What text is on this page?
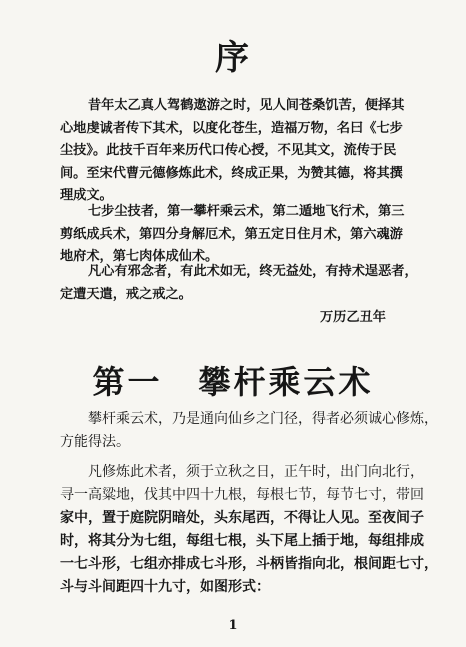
序

昔年太乙真人驾鹤遨游之时，见人间苍桑饥苦，便择其
心地虔诚者传下其术，以度化苍生，造福万物，名曰《七步
尘技》。此技千百年来历代口传心授，不见其文，流传于民
间。至宋代曹元德修炼此术，终成正果，为赞其德，将其撰
理成文。

七步尘技者，第一攀杆乘云术，第二遁地飞行术，第三
剪纸成兵术，第四分身解厄术，第五定日住月术，第六魂游
地府术，第七肉体成仙术。

凡心有邪念者，有此术如无，终无益处，有持术逞恶者，
定遭天遣，戒之戒之。

万历乙丑年
第一 攀杆乘云术

攀杆乘云术，乃是通向仙乡之门径，得者必须诚心修炼，
方能得法。

凡修炼此术者，须于立秋之日，正午时，出门向北行，
寻一高粱地，伐其中四十九根，每根七节，每节七寸，带回
家中，置于庭院阴暗处，头东尾西，不得让人见。至夜间子
时，将其分为七组，每组七根，头下尾上插于地，每组排成
一七斗形，七组亦排成七斗形，斗柄皆指向北，根间距七寸，
斗与斗间距四十九寸，如图形式：

1
